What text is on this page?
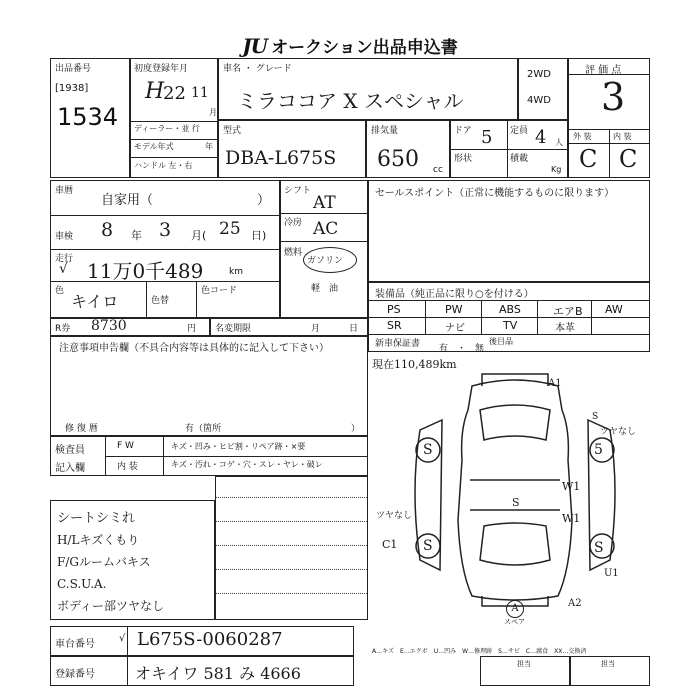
JU オークション出品申込書
出品番号
[1938]
1534
初度登録年月
H
22 11
月
ディーラー・並 行
モデル年式	年
ハンドル 左・右
車名 ・ グレード
ミラココア X スペシャル
2WD
4WD
型式
DBA-L675S
排気量
650 cc
ドア 5 定員 4 人
形状	積載
Kg
評 価 点
3
外 装	内 装
C C
車暦
自家用（	）
車検 8 年 3 月( 25 日)
走行
√ 11万0千489	km
色
キイロ	色替
色コード
シフト
AT
冷房 AC
燃料
ガソリン
軽　油
R券 8730	円 名変期限	月	日
注意事項申告欄（不具合内容等は具体的に記入して下さい）
修 復 暦	有（箇所	）
検査員
記入欄
F W
内 装
キズ・凹み・ヒビ割・リペア跡・×要
キズ・汚れ・コゲ・穴・スレ・ヤレ・破レ
シートシミれ
H/Lキズくもり
F/Gルームバキス
C.S.U.A.
ボディー部ツヤなし
セールスポイント（正常に機能するものに限ります）
装備品（純正品に限り○を付ける）
PS	PW	ABS	エアB AW
SR	ナビ	TV	本革
新車保証書 有　・　無
後目品
現在110,489km
A1
S
ツヤなし
S	5
W1
S
W1
ツヤなし
C1 S
U1
A2
S
A
スペア
車台番号
√ L675S-0060287
登録番号	オキイワ 581 み 4666
A…キズ　E…エクボ　U…凹み　W…修理跡　S…サビ　C…腐食　XX…交換済
担当	担当
